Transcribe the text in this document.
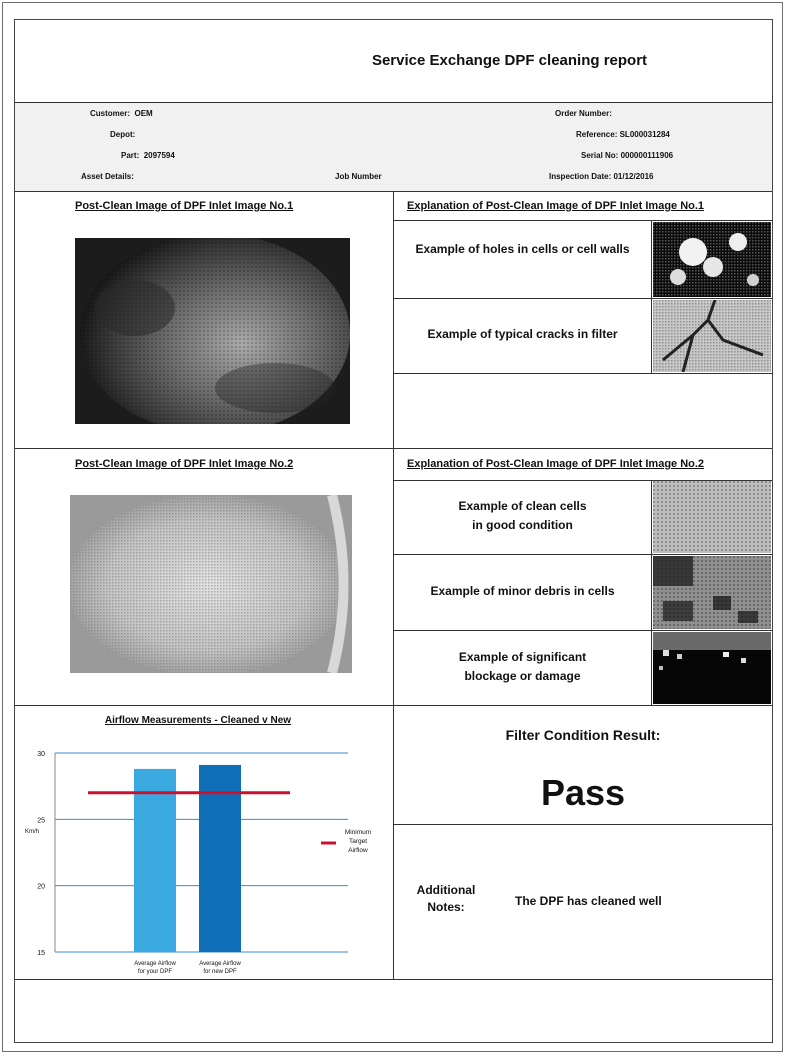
Service Exchange DPF cleaning report
Customer: OEM
Depot:
Part: 2097594
Asset Details:	Job Number
Order Number:
Reference: SL000031284
Serial No: 000000111906
Inspection Date: 01/12/2016
Post-Clean Image of DPF Inlet Image No.1	Explanation of Post-Clean Image of DPF Inlet Image No.1
Example of holes in cells or cell walls
Example of typical cracks in filter
Post-Clean Image of DPF Inlet Image No.2	Explanation of Post-Clean Image of DPF Inlet Image No.2
Example of clean cells
in good condition
Example of minor debris in cells
Example of significant
blockage or damage
Airflow Measurements - Cleaned v New
15
20
25
30
Km/h
Average Airflow
for your DPF
Average Airflow
for new DPF
Minimum
Target
Airflow
Filter Condition Result:
Pass
Additional
Notes:	The DPF has cleaned well
